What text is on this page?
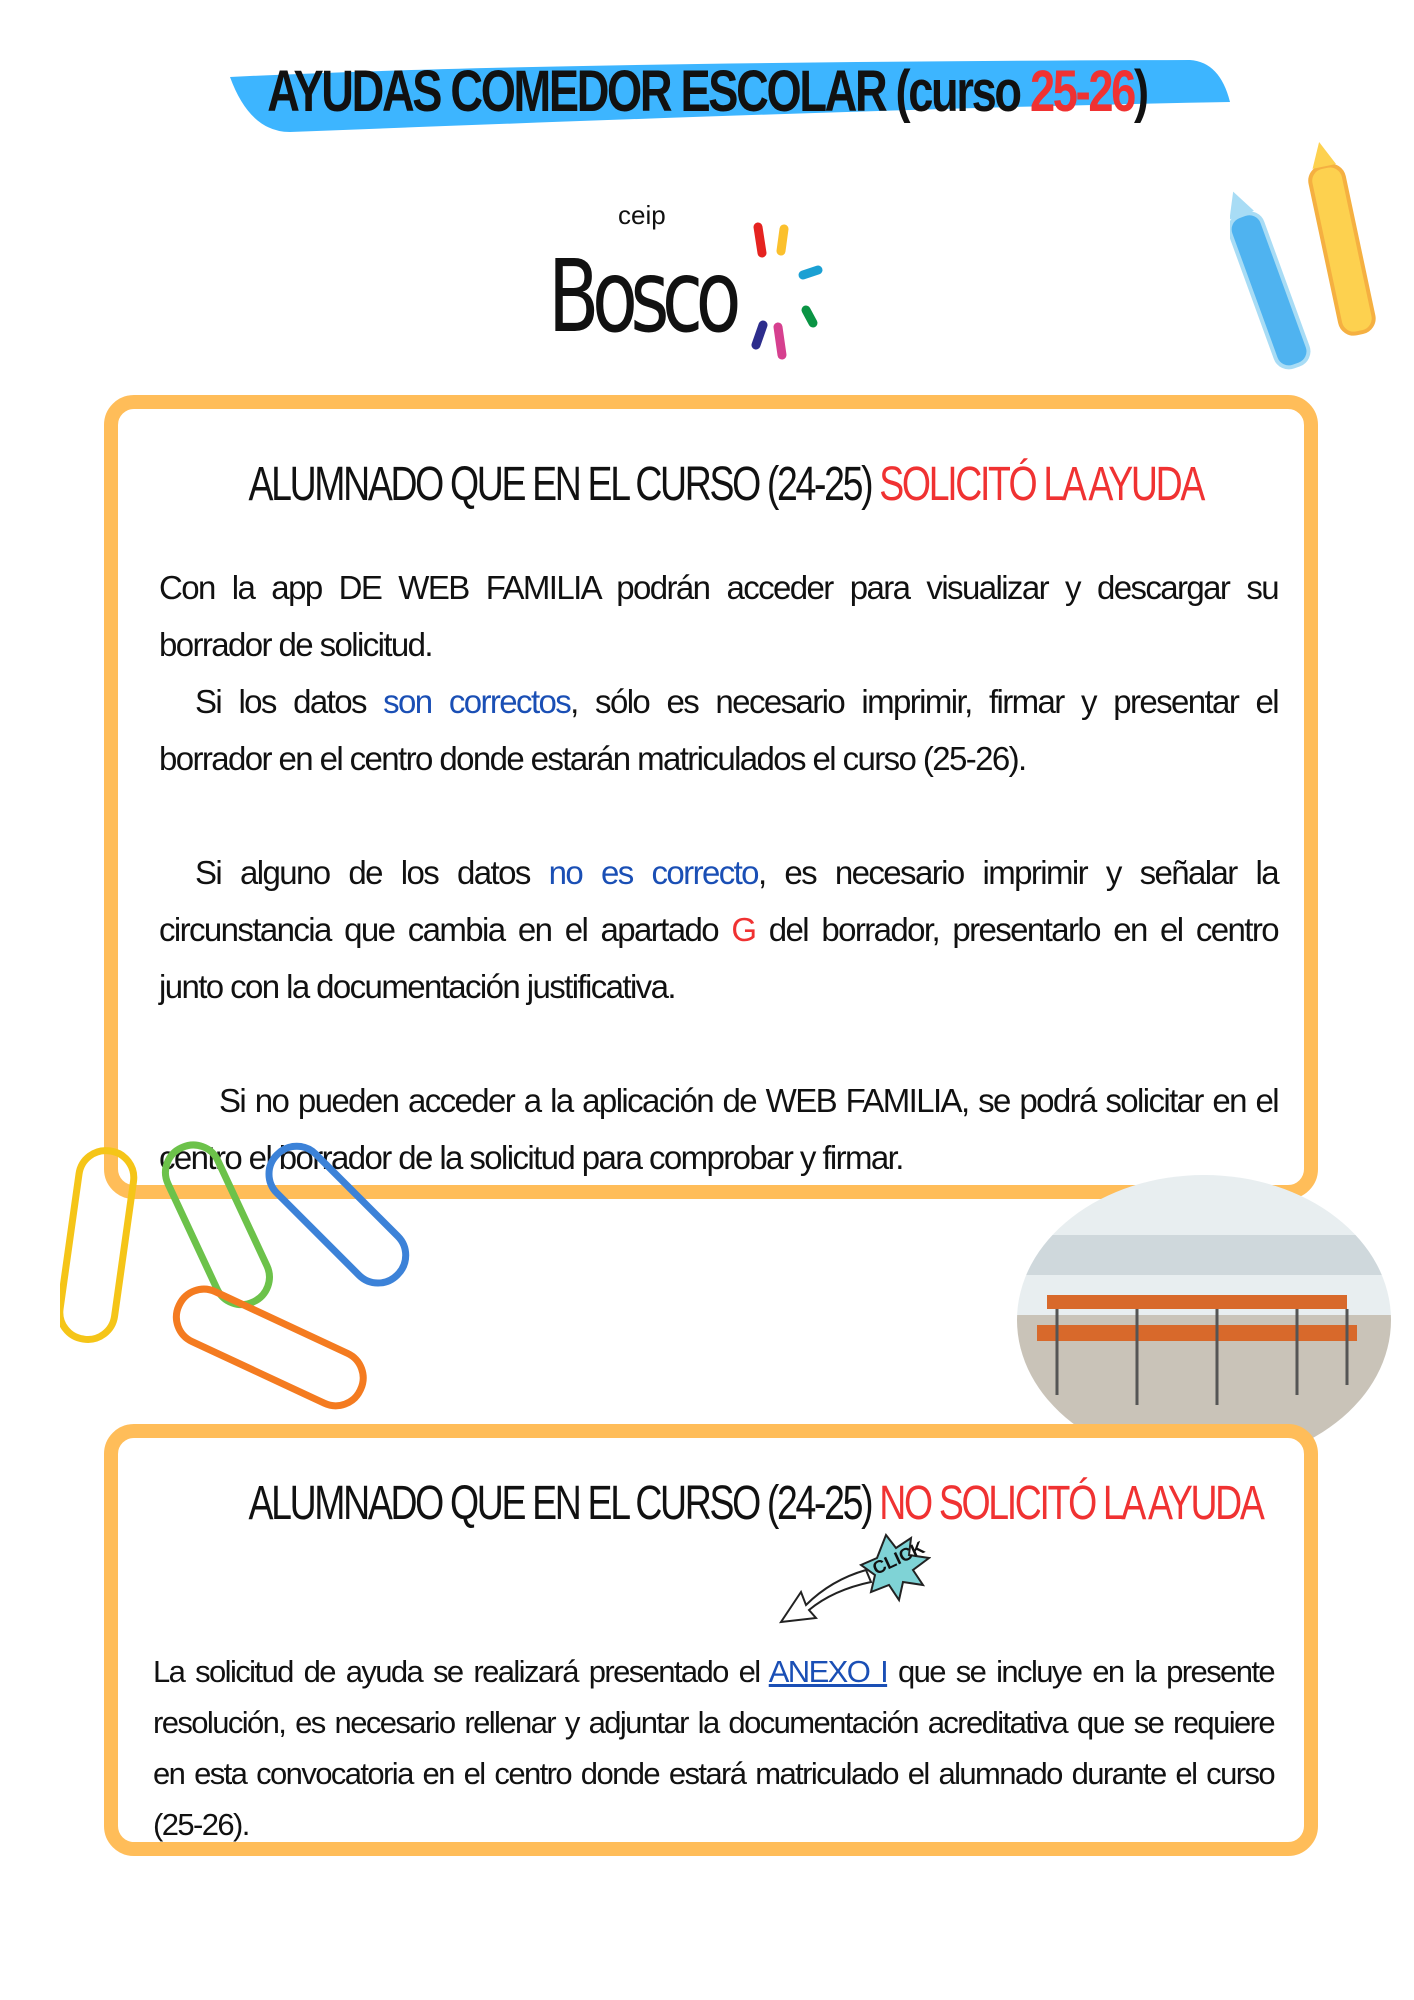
AYUDAS COMEDOR ESCOLAR (curso 25-26)
ceip
Bosco
ALUMNADO QUE EN EL CURSO (24-25) SOLICITÓ LA AYUDA

Con la app DE WEB FAMILIA podrán acceder para visualizar y descargar su borrador de solicitud.

Si los datos son correctos, sólo es necesario imprimir, firmar y presentar el borrador en el centro donde estarán matriculados el curso (25-26).

Si alguno de los datos no es correcto, es necesario imprimir y señalar la circunstancia que cambia en el apartado G del borrador, presentarlo en el centro junto con la documentación justificativa.

Si no pueden acceder a la aplicación de WEB FAMILIA, se podrá solicitar en el centro el borrador de la solicitud para comprobar y firmar.

ALUMNADO QUE EN EL CURSO (24-25) NO SOLICITÓ LA AYUDA

La solicitud de ayuda se realizará presentado el ANEXO I que se incluye en la presente resolución, es necesario rellenar y adjuntar la documentación acreditativa que se requiere en esta convocatoria en el centro donde estará matriculado el alumnado durante el curso (25-26).

CLICK
